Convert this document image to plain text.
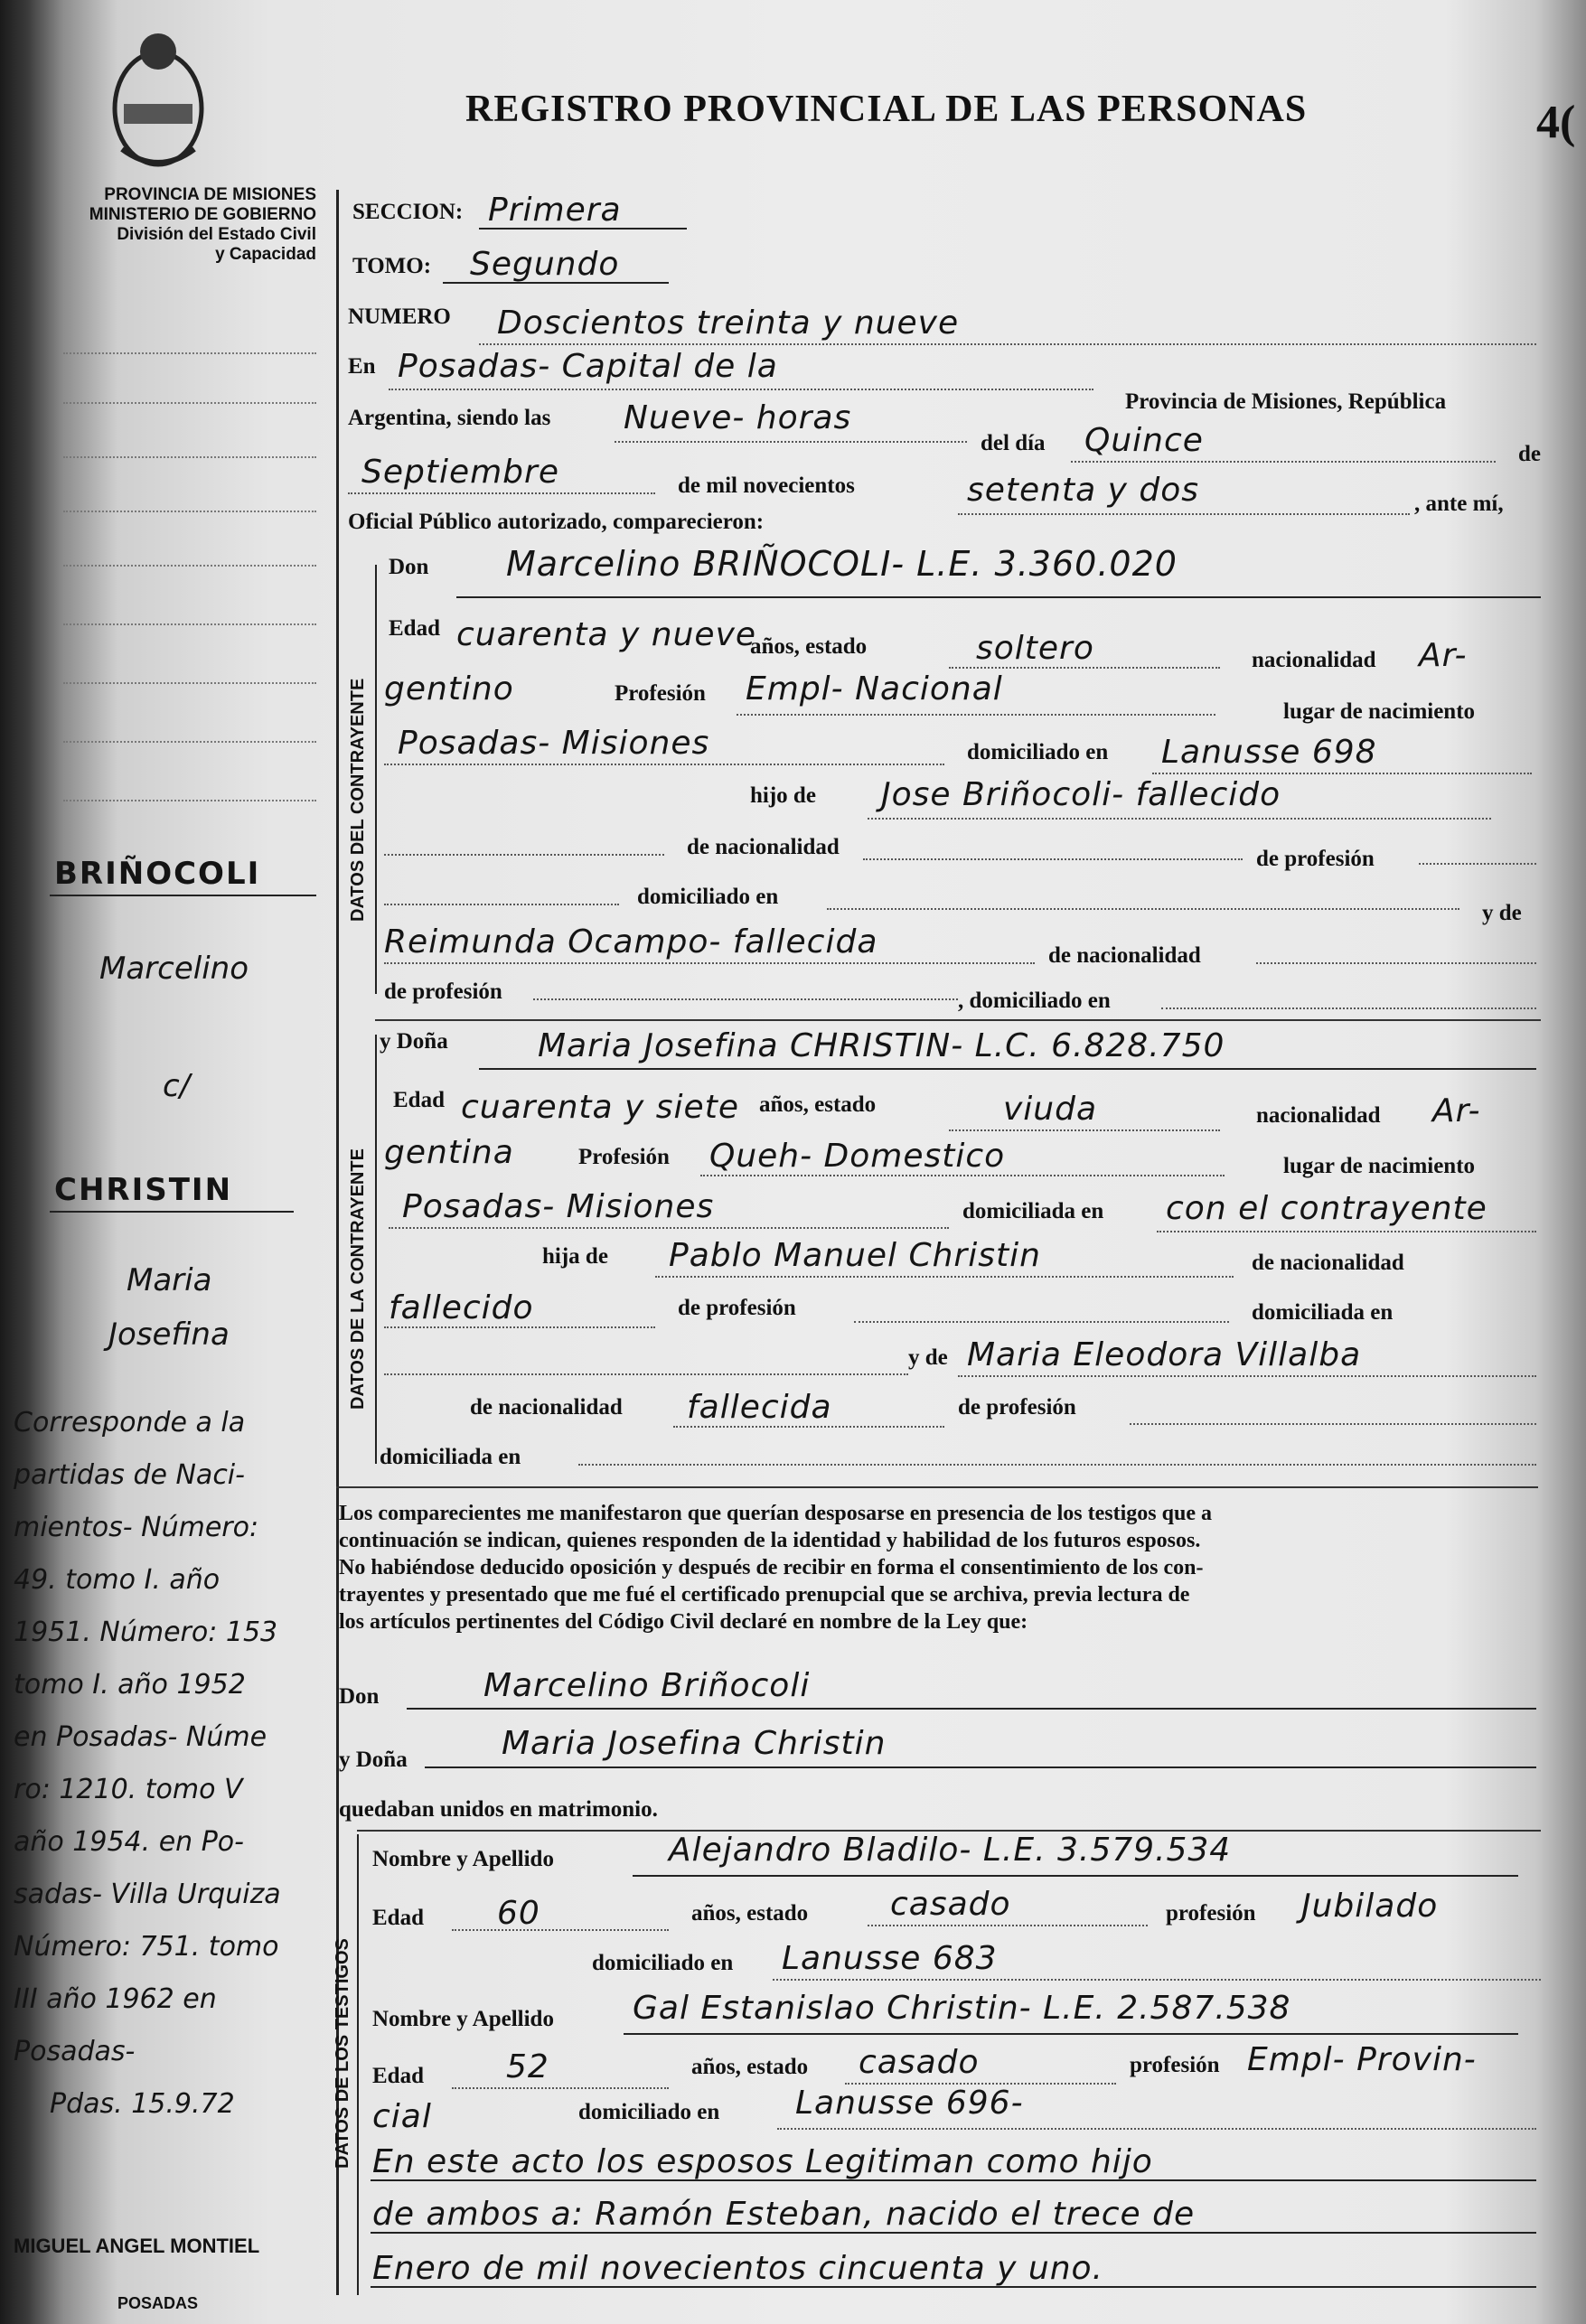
REGISTRO PROVINCIAL DE LAS PERSONAS	4(
PROVINCIA DE MISIONES
MINISTERIO DE GOBIERNO
División del Estado Civil
y Capacidad
DATOS DEL CONTRAYENTE
DATOS DE LA CONTRAYENTE
DATOS DE LOS TESTIGOS
SECCION: Primera
TOMO: Segundo
NUMERO Doscientos treinta y nueve
En Posadas- Capital de la
Provincia de Misiones, República
Argentina, siendo las Nueve- horas
del día Quince	de
Septiembre	de mil novecientos	setenta y dos	, ante mí,
Oficial Público autorizado, comparecieron:
Don Marcelino BRIÑOCOLI- L.E. 3.360.020
Edad cuarenta y nueve
años, estado	soltero	nacionalidad Ar-
gentino	Profesión Empl- Nacional
lugar de nacimiento
Posadas- Misiones	domiciliado en Lanusse 698
hijo de Jose Briñocoli- fallecido
de nacionalidad	de profesión
domiciliado en
y de
Reimunda Ocampo- fallecida	de nacionalidad
de profesión	, domiciliado en
y Doña	Maria Josefina CHRISTIN- L.C. 6.828.750
Edad cuarenta y siete años, estado	viuda	nacionalidad Ar-
gentina	Profesión Queh- Domestico	lugar de nacimiento
Posadas- Misiones	domiciliada en con el contrayente
hija de Pablo Manuel Christin	de nacionalidad
fallecido	de profesión	domiciliada en
y de Maria Eleodora Villalba
de nacionalidad fallecida	de profesión
domiciliada en
Los comparecientes me manifestaron que querían desposarse en presencia de los testigos que a
continuación se indican, quienes responden de la identidad y habilidad de los futuros esposos.
No habiéndose deducido oposición y después de recibir en forma el consentimiento de los con-
trayentes y presentado que me fué el certificado prenupcial que se archiva, previa lectura de
los artículos pertinentes del Código Civil declaré en nombre de la Ley que:
Don	Marcelino Briñocoli
y Doña	Maria Josefina Christin
quedaban unidos en matrimonio.
Nombre y Apellido	Alejandro Bladilo- L.E. 3.579.534
Edad 60	años, estado	casado	profesión Jubilado
domiciliado en Lanusse 683
Nombre y Apellido Gal Estanislao Christin- L.E. 2.587.538
Edad	52	años, estado casado	profesión Empl- Provin-
cial	domiciliado en Lanusse 696-
En este acto los esposos Legitiman como hijo
de ambos a: Ramón Esteban, nacido el trece de
Enero de mil novecientos cincuenta y uno.
BRIÑOCOLI
Marcelino
c/
CHRISTIN
Maria
Josefina
Corresponde a la
partidas de Naci-
mientos- Número:
49. tomo I. año
1951. Número: 153
tomo I. año 1952
en Posadas- Núme
ro: 1210. tomo V
año 1954. en Po-
sadas- Villa Urquiza
Número: 751. tomo
III año 1962 en
Posadas-
Pdas. 15.9.72
MIGUEL ANGEL MONTIEL
POSADAS
